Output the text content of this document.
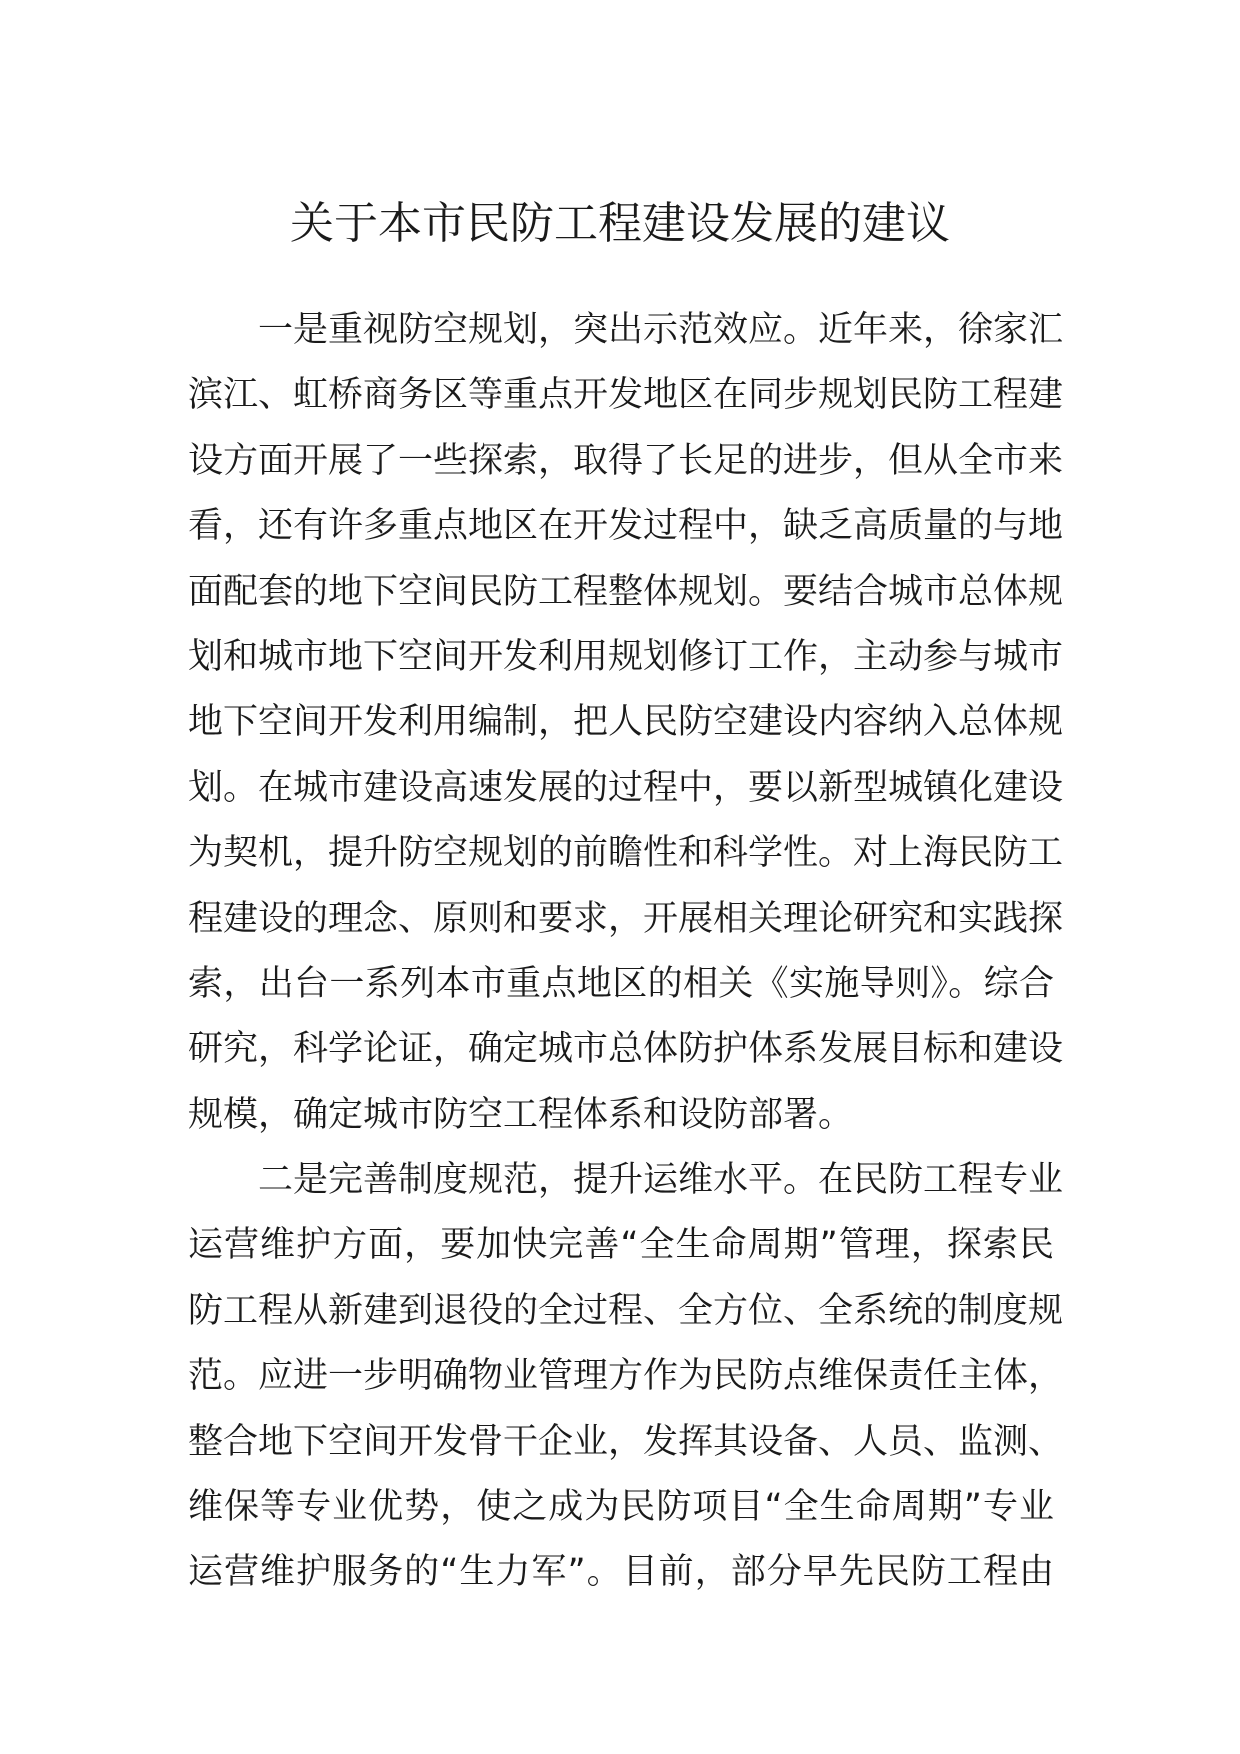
关于本市民防工程建设发展的建议
一是重视防空规划，突出示范效应。近年来，徐家汇
滨江、虹桥商务区等重点开发地区在同步规划民防工程建
设方面开展了一些探索，取得了长足的进步，但从全市来
看，还有许多重点地区在开发过程中，缺乏高质量的与地
面配套的地下空间民防工程整体规划。要结合城市总体规
划和城市地下空间开发利用规划修订工作，主动参与城市
地下空间开发利用编制，把人民防空建设内容纳入总体规
划。在城市建设高速发展的过程中，要以新型城镇化建设
为契机，提升防空规划的前瞻性和科学性。对上海民防工
程建设的理念、原则和要求，开展相关理论研究和实践探
索，出台一系列本市重点地区的相关《实施导则》。综合
研究，科学论证，确定城市总体防护体系发展目标和建设
规模，确定城市防空工程体系和设防部署。
二是完善制度规范，提升运维水平。在民防工程专业
运营维护方面，要加快完善“全生命周期”管理，探索民
防工程从新建到退役的全过程、全方位、全系统的制度规
范。应进一步明确物业管理方作为民防点维保责任主体，
整合地下空间开发骨干企业，发挥其设备、人员、监测、
维保等专业优势，使之成为民防项目“全生命周期”专业
运营维护服务的“生力军”。目前，部分早先民防工程由
